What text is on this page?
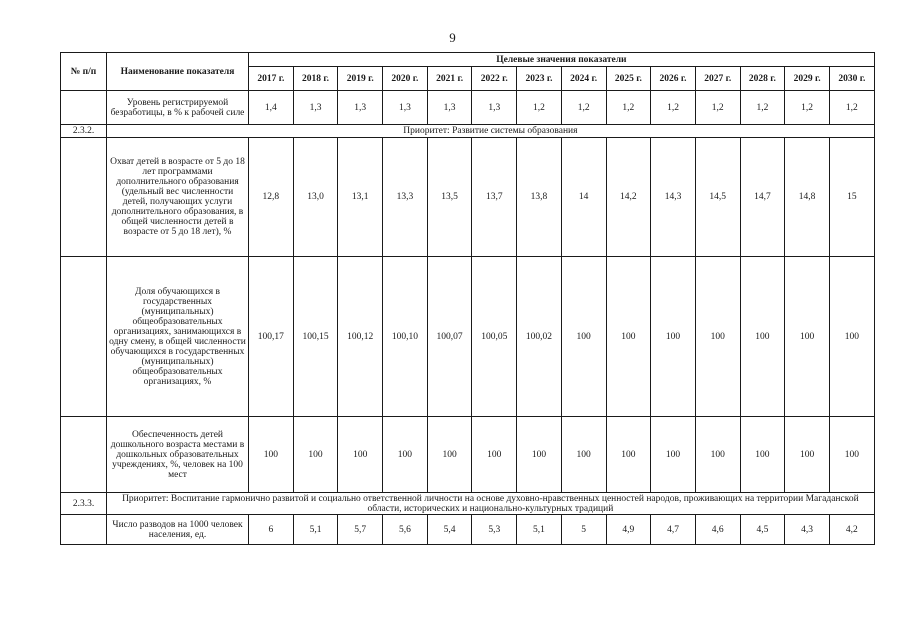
9
№ п/п	Наименование показателя	Целевые значения показатели													
		2017 г.	2018 г.	2019 г.	2020 г.	2021 г.	2022 г.	2023 г.	2024 г.	2025 г.	2026 г.	2027 г.	2028 г.	2029 г.	2030 г.
	Уровень регистрируемой безработицы, в % к рабочей силе	1,4	1,3	1,3	1,3	1,3	1,3	1,2	1,2	1,2	1,2	1,2	1,2	1,2	1,2
2.3.2.	Приоритет: Развитие системы образования														
	Охват детей в возрасте от 5 до 18 лет программами дополнительного образования (удельный вес численности детей, получающих услуги дополнительного образования, в общей численности детей в возрасте от 5 до 18 лет), %	12,8	13,0	13,1	13,3	13,5	13,7	13,8	14	14,2	14,3	14,5	14,7	14,8	15
	Доля обучающихся в государственных (муниципальных) общеобразовательных организациях, занимающихся в одну смену, в общей численности обучающихся в государственных (муниципальных) общеобразовательных организациях, %	100,17	100,15	100,12	100,10	100,07	100,05	100,02	100	100	100	100	100	100	100
	Обеспеченность детей дошкольного возраста местами в дошкольных образовательных учреждениях, %, человек на 100 мест	100	100	100	100	100	100	100	100	100	100	100	100	100	100
2.3.3.	Приоритет: Воспитание гармонично развитой и социально ответственной личности на основе духовно-нравственных ценностей народов, проживающих на территории Магаданской области, исторических и национально-культурных традиций														
	Число разводов на 1000 человек населения, ед.	6	5,1	5,7	5,6	5,4	5,3	5,1	5	4,9	4,7	4,6	4,5	4,3	4,2
